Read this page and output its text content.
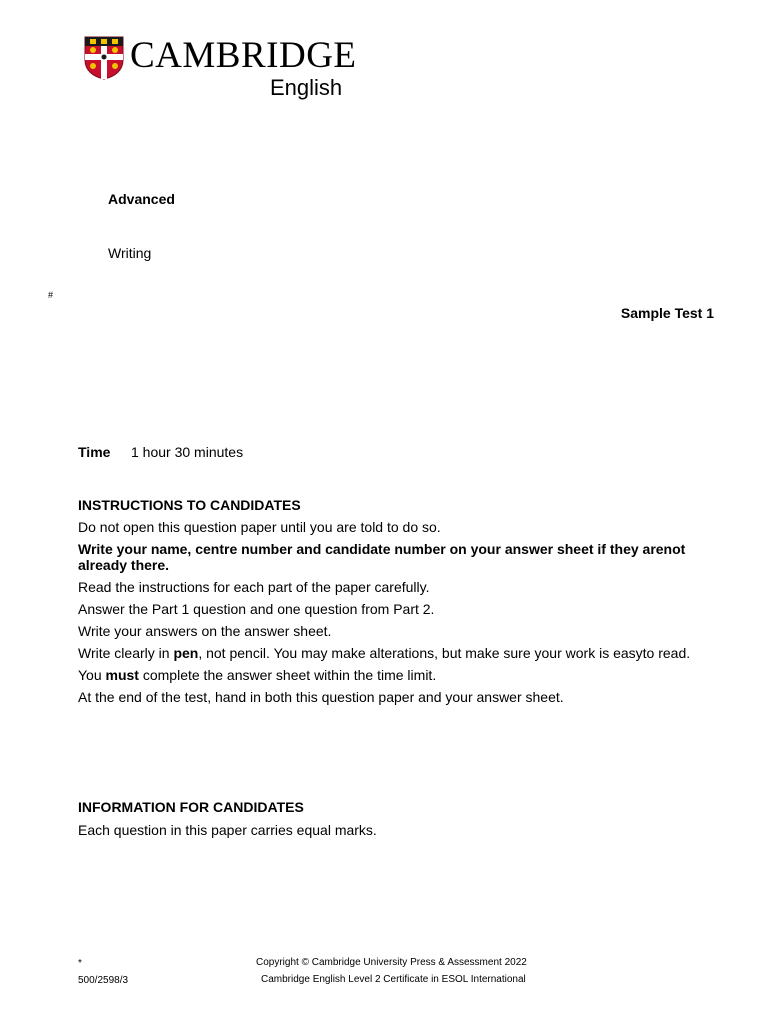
CAMBRIDGE
English
Advanced
Writing
#
Sample Test 1
Time 1 hour 30 minutes

INSTRUCTIONS TO CANDIDATES

Do not open this question paper until you are told to do so.

Write your name, centre number and candidate number on your answer sheet if they arenot already there.

Read the instructions for each part of the paper carefully.

Answer the Part 1 question and one question from Part 2.

Write your answers on the answer sheet.

Write clearly in pen, not pencil. You may make alterations, but make sure your work is easyto read.

You must complete the answer sheet within the time limit.

At the end of the test, hand in both this question paper and your answer sheet.

INFORMATION FOR CANDIDATES
Each question in this paper carries equal marks.
*
500/2598/3
Copyright © Cambridge University Press & Assessment 2022
Cambridge English Level 2 Certificate in ESOL International
